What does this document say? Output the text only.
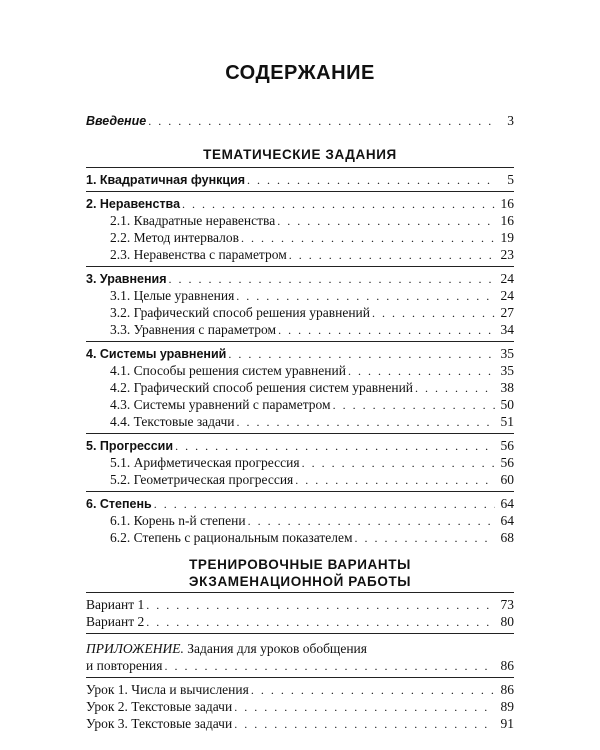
СОДЕРЖАНИЕ
Введение . . .	3
ТЕМАТИЧЕСКИЕ ЗАДАНИЯ
1. Квадратичная функция . . .	5
2. Неравенства . . .	16
2.1. Квадратные неравенства . . .	16
2.2. Метод интервалов . . .	19
2.3. Неравенства с параметром . . .	23
3. Уравнения . . .	24
3.1. Целые уравнения . . .	24
3.2. Графический способ решения уравнений . . .	27
3.3. Уравнения с параметром . . .	34
4. Системы уравнений . . .	35
4.1. Способы решения систем уравнений . . .	35
4.2. Графический способ решения систем уравнений . . .	38
4.3. Системы уравнений с параметром . . .	50
4.4. Текстовые задачи . . .	51
5. Прогрессии . . .	56
5.1. Арифметическая прогрессия . . .	56
5.2. Геометрическая прогрессия . . .	60
6. Степень . . .	64
6.1. Корень n-й степени . . .	64
6.2. Степень с рациональным показателем . . .	68
ТРЕНИРОВОЧНЫЕ ВАРИАНТЫ
ЭКЗАМЕНАЦИОННОЙ РАБОТЫ
Вариант 1 . . .	73
Вариант 2 . . .	80
ПРИЛОЖЕНИЕ. Задания для уроков обобщения
и повторения . . .	86
Урок 1. Числа и вычисления . . .	86
Урок 2. Текстовые задачи . . .	89
Урок 3. Текстовые задачи . . .	91
